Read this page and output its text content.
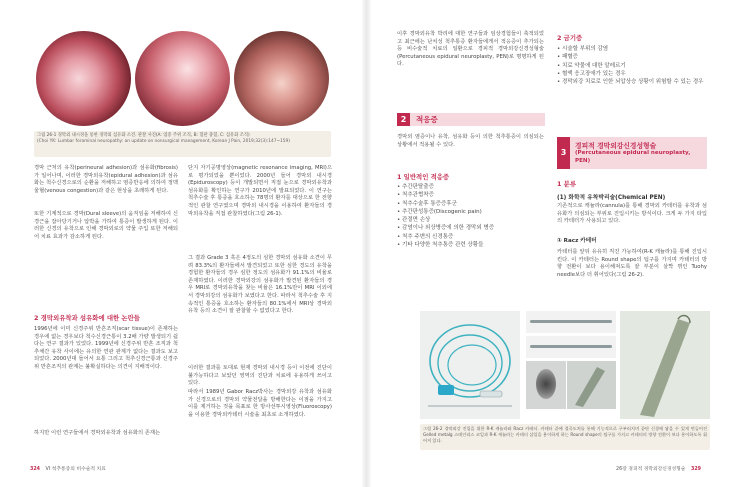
그림 26-1 경막외 내시경을 통한 경막외 섬유화 소견. 관찰 사진(A: 염증 주위 조직, B: 혈관 충혈, C: 섬유화 조직)
(Choi YK: Lumbar foraminal neuropathy: an update on nonsurgical management, Korean J Pain, 2019;32(3):147~159)
경막 근처의 유착(perineural adhesion)과 섬유화(fibrosis)가 일어나며, 이러한 경막외유착(epidural adhesion)과 섬유화는 척수신경으로의 순환을 저해하고 염증반응에 의하여 정맥울혈(venous congestion)과 같은 현상을 초래하게 된다.
또한 기계적으로 경막(Dural sleeve)의 움직임을 저해하여 신경근을 잡아당기거나 압박을 가하여 통증이 발생하게 된다. 이러한 신경의 유착으로 인해 경막외로의 약물 주입 또한 저해되어 치료 효과가 감소하게 된다.
2 경막외유착과 섬유화에 대한 논란들
1996년에 이미 신경주위 반흔조직(scar tissue)이 존재하는 경우에 없는 경우보다 척수신경근통이 3.2배 가량 발생되기 쉽다는 연구 결과가 있었다. 1999년에 신경주위 반흔 조직과 척추체간 유착 사이에는 유의한 연관 관계가 없다는 결과도 보고되었다. 2000년대 들어서 요통 그리고 척추신경근통과 신경주위 반흔조직의 관계는 불확실하다는 의견이 지배적이다.
하지만 이런 연구들에서 경막외유착과 섬유화의 존재는
단지 자기공명영상(magnetic resonance imaging, MRI)으로 평가되었을 뿐이었다. 2000년 들어 경막외 내시경(Epiduroscopy) 등이 개발되면서 직접 눈으로 경막외유착과 섬유화를 확인하는 연구가 2010년에 발표되었다. 이 연구는 척추수술 후 통증을 호소하는 78명의 환자를 대상으로 한 전향적인 관찰 연구였으며 경막외 내시경을 이용하여 환자들의 경막외유착을 직접 관찰하였다(그림 26-1).
그 결과 Grade 3 혹은 4정도의 심한 경막외 섬유화 소견이 무려 83.3%의 환자들에서 발견되었고 또한 심한 경도의 유착을 경험한 환자들의 경우 심한 정도의 섬유화가 91.1%의 비율로 존재하였다. 이러한 경막외강의 섬유화가 발견된 환자들의 경우 MRI로 경막외유착을 찾는 비율은 16.1%만이 MRI 이외에서 경막외강의 섬유화가 보였다고 한다. 따라서 척추수술 후 지속적인 통증을 호소하는 환자들의 80.1%에서 MRI상 경막외유착 등의 소견이 잘 관찰할 수 없었다고 한다.
이러한 결과를 토대로 현재 경막외 내시경 등이 이전에 진단이 불가능하다고 보았던 영역의 진단과 치료에 유용하게 쓰이고 있다.
따라서 1989년 Gabor Racz박사는 경막외강 유착과 섬유화가 신경으로의 경막외 약물전달을 방해한다는 이점을 가지고 이를 제거하는 것을 목표로 한 방사선투시영상(Fluoroscopy)을 이용한 경막외카테터 시술을 최초로 소개하였다.
324 VI 척추통증의 비수술적 치료
이후 경막외유착 박리에 대한 연구들과 임상경험들이 축적되었고 최근에는 난치성 척추통증 환자들에게서 적응증이 추가되는 등 비수술적 치료의 일환으로 경피적 경막외강신경성형술(Percutaneous epidural neuroplasty, PEN)로 명명하게 된다.
2	적응증
경막외 염증이나 유착, 섬유화 등이 의한 척추통증이 의심되는 상황에서 적용될 수 있다.
1 일반적인 적응증
• 추간판탈출증
• 척추관협착증
• 척추수술후 통증증후군
• 추간판성통증(Discogenic pain)
• 관절면 손상
• 감염이나 외상병증에 의한 경막외 병증
• 척추 주변의 신경통증
• 기타 다양한 척추통증 관련 상황들
2 금기증
• 시술할 부위의 감염
• 패혈증
• 치료 약물에 대한 알레르기
• 혈액 응고장애가 있는 경우
• 경막외강 치료로 인한 뇌압상승 상황이 위험할 수 있는 경우
3
경피적 경막외강신경성형술
(Percutaneous epidural neuroplasty, PEN)
1 분류
(1) 화학적 유착박리술(Chemical PEN)
기존적으로 캐뉼라(cannula)를 통해 경막외 카테터를 유착과 섬유화가 의심되는 부위로 진입시키는 방식이다. 크게 두 가지 타입의 카테터가 사용되고 있다.
① Racz 카테터
카테터를 앞뒤 유유히 직진 가능하여(R-K 캐뉼라)를 통해 진입시킨다. 이 카테터는 Round shape의 팁구를 가지며 카테터의 방향 전환이 보다 용이해져도록 끝 부분이 살짝 꺾인 Tuohy needle보다 더 휘어있다(그림 26-2).
그림 26-2 경막외강 진입을 위한 R-K 캐뉼라와 Racz 카테터. 카테터 끝에 절곡도처를 통해 기능적으로 구부러지며 끝단 신경에 닿을 수 있게 만들어진 Gelled metalg 스테인리스 코일과 R-K 캐뉼라는 카테터 삽입을 용이하게 하는 Round shape의 팁구를 가지고 카테터의 방향 전환이 보다 용이하도록 휘어져 있다.
26장 경피적 경막외강신경성형술 329
